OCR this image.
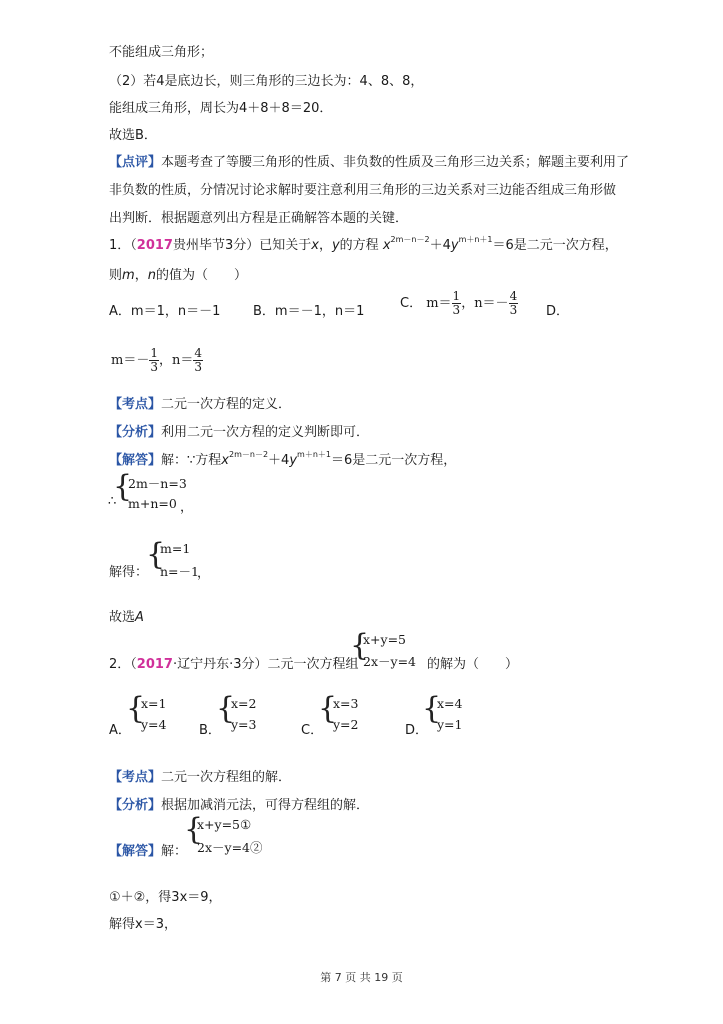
不能组成三角形；
（2）若4是底边长，则三角形的三边长为：4、8、8，
能组成三角形，周长为4＋8＋8＝20．
故选B．
【点评】本题考查了等腰三角形的性质、非负数的性质及三角形三边关系；解题主要利用了
非负数的性质，分情况讨论求解时要注意利用三角形的三边关系对三边能否组成三角形做
出判断．根据题意列出方程是正确解答本题的关键．
1．（2017贵州毕节3分）已知关于x，y的方程 $x^{2m-n-2}+4y^{m+n+1}=6$是二元一次方程，
则m，n的值为（　　）
A．m＝1，n＝－1	B．m＝－1，n＝1
C． $m= \frac{1}{3}$ ，$n=- \frac{4}{3}$ D．
$m=- \frac{1}{3}$ ，$n= \frac{4}{3}$
【考点】二元一次方程的定义．
【分析】利用二元一次方程的定义判断即可．
【解答】解：∵方程$x^{2m-n-2}+4y^{m+n+1}=6$是二元一次方程，
∴
{
2m－n=3
m+n=0 ，
解得：
{
m=1
n=－1
，
故选A
2．（2017·辽宁丹东·3分）二元一次方程组
{
x+y=5
2x－y=4 的解为（　　）
A．
{
x=1
y=4	B．
{
x=2
y=3	C．
{
x=3
y=2	D．
{
x=4
y=1
【考点】二元一次方程组的解．
【分析】根据加减消元法，可得方程组的解．
【解答】解：
{
x+y=5①
2x－y=4②
①＋②，得3x＝9，
解得x＝3，
第 7 页 共 19 页
